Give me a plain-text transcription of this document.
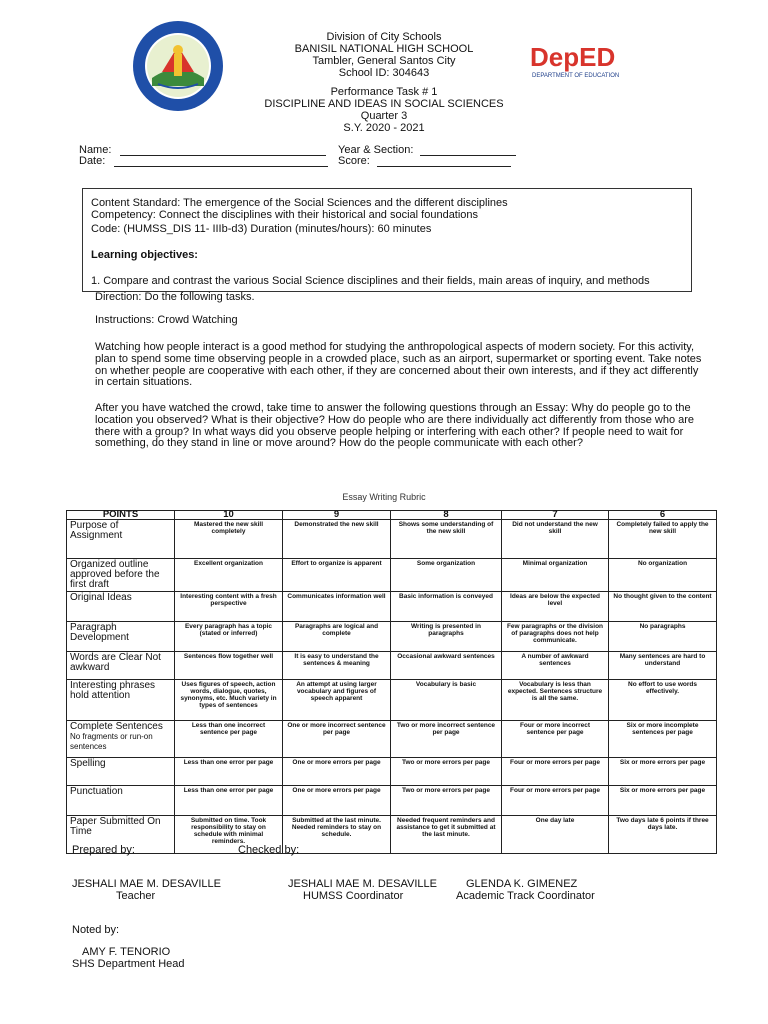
DepED
DEPARTMENT OF EDUCATION
Division of City Schools
BANISIL NATIONAL HIGH SCHOOL
Tambler, General Santos City
School ID: 304643
Performance Task # 1
DISCIPLINE AND IDEAS IN SOCIAL SCIENCES
Quarter 3
S.Y. 2020 - 2021
Name:
Date:
Year & Section:
Score:
Content Standard: The emergence of the Social Sciences and the different disciplines
Competency: Connect the disciplines with their historical and social foundations
Code: (HUMSS_DIS 11- IIIb-d3) Duration (minutes/hours): 60 minutes
Learning objectives:
1. Compare and contrast the various Social Science disciplines and their fields, main areas of inquiry, and methods
Direction: Do the following tasks.
Instructions: Crowd Watching
Watching how people interact is a good method for studying the anthropological aspects of modern society. For this activity, plan to spend some time observing people in a crowded place, such as an airport, supermarket or sporting event. Take notes on whether people are cooperative with each other, if they are concerned about their own interests, and if they act differently in certain situations.
After you have watched the crowd, take time to answer the following questions through an Essay: Why do people go to the location you observed? What is their objective? How do people who are there individually act differently from those who are there with a group? In what ways did you observe people helping or interfering with each other? If people need to wait for something, do they stand in line or move around? How do the people communicate with each other?
Essay Writing Rubric
POINTS	10	9	8	7	6
Purpose of Assignment	Mastered the new skill completely	Demonstrated the new skill	Shows some understanding of the new skill	Did not understand the new skill	Completely failed to apply the new skill
Organized outline approved before the first draft	Excellent organization	Effort to organize is apparent	Some organization	Minimal organization	No organization
Original Ideas	Interesting content with a fresh perspective	Communicates information well	Basic information is conveyed	Ideas are below the expected level	No thought given to the content
Paragraph Development	Every paragraph has a topic (stated or inferred)	Paragraphs are logical and complete	Writing is presented in paragraphs	Few paragraphs or the division of paragraphs does not help communicate.	No paragraphs
Words are Clear Not awkward	Sentences flow together well	It is easy to understand the sentences & meaning	Occasional awkward sentences	A number of awkward sentences	Many sentences are hard to understand
Interesting phrases hold attention	Uses figures of speech, action words, dialogue, quotes, synonyms, etc. Much variety in types of sentences	An attempt at using larger vocabulary and figures of speech apparent	Vocabulary is basic	Vocabulary is less than expected. Sentences structure is all the same.	No effort to use words effectively.
Complete Sentences
No fragments or run-on sentences	Less than one incorrect sentence per page	One or more incorrect sentence per page	Two or more incorrect sentence per page	Four or more incorrect sentence per page	Six or more incomplete sentences per page
Spelling	Less than one error per page	One or more errors per page	Two or more errors per page	Four or more errors per page	Six or more errors per page
Punctuation	Less than one error per page	One or more errors per page	Two or more errors per page	Four or more errors per page	Six or more errors per page
Paper Submitted On Time	Submitted on time. Took responsibility to stay on schedule with minimal reminders.	Submitted at the last minute. Needed reminders to stay on schedule.	Needed frequent reminders and assistance to get it submitted at the last minute.	One day late	Two days late 6 points if three days late.
Prepared by:	Checked by:
JESHALI MAE M. DESAVILLE
Teacher
JESHALI MAE M. DESAVILLE
HUMSS Coordinator
GLENDA K. GIMENEZ
Academic Track Coordinator
Noted by:
AMY F. TENORIO
SHS Department Head
